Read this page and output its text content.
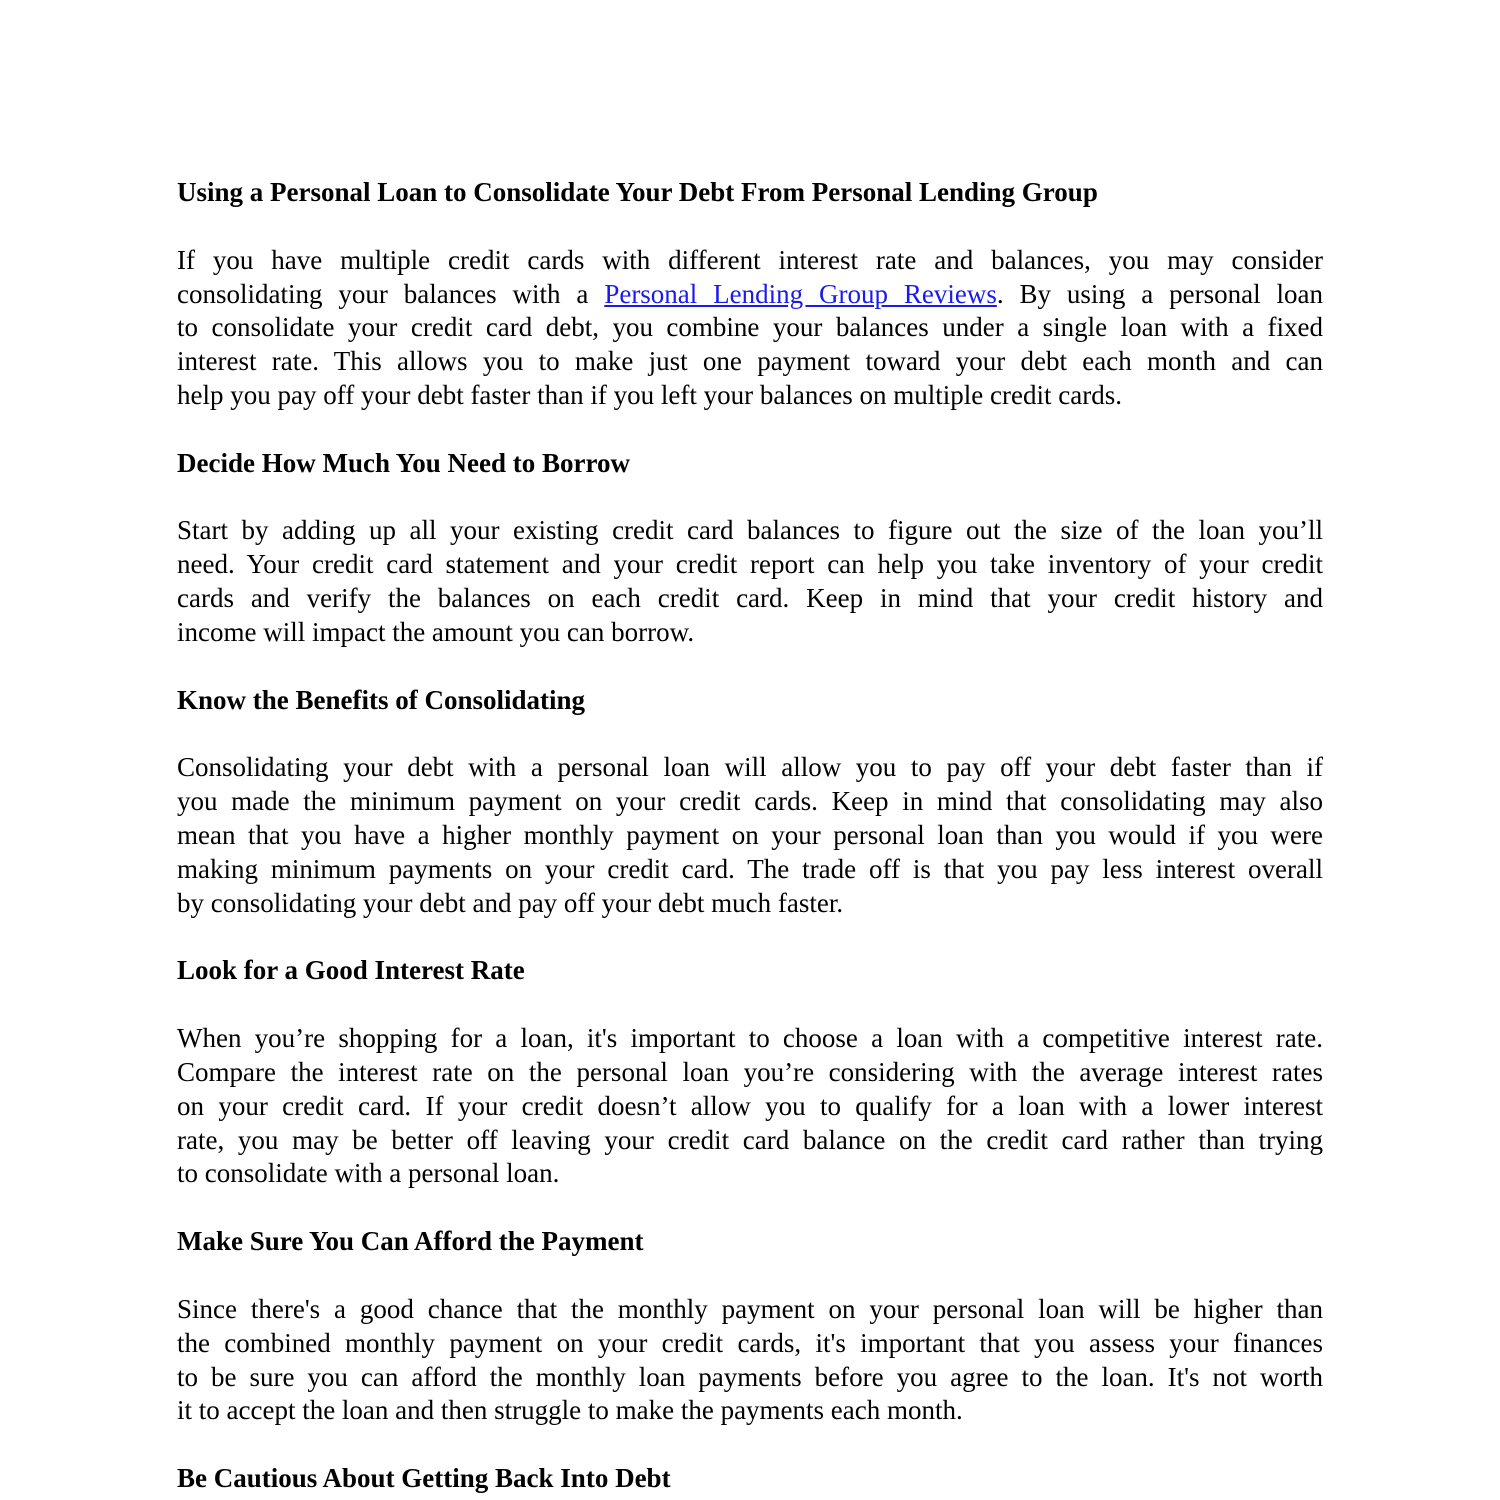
Using a Personal Loan to Consolidate Your Debt From Personal Lending Group
If you have multiple credit cards with different interest rate and balances, you may consider
consolidating your balances with a Personal Lending Group Reviews. By using a personal loan
to consolidate your credit card debt, you combine your balances under a single loan with a fixed
interest rate. This allows you to make just one payment toward your debt each month and can
help you pay off your debt faster than if you left your balances on multiple credit cards.
Decide How Much You Need to Borrow
Start by adding up all your existing credit card balances to figure out the size of the loan you’ll
need. Your credit card statement and your credit report can help you take inventory of your credit
cards and verify the balances on each credit card. Keep in mind that your credit history and
income will impact the amount you can borrow.
Know the Benefits of Consolidating
Consolidating your debt with a personal loan will allow you to pay off your debt faster than if
you made the minimum payment on your credit cards. Keep in mind that consolidating may also
mean that you have a higher monthly payment on your personal loan than you would if you were
making minimum payments on your credit card. The trade off is that you pay less interest overall
by consolidating your debt and pay off your debt much faster.
Look for a Good Interest Rate
When you’re shopping for a loan, it's important to choose a loan with a competitive interest rate.
Compare the interest rate on the personal loan you’re considering with the average interest rates
on your credit card. If your credit doesn’t allow you to qualify for a loan with a lower interest
rate, you may be better off leaving your credit card balance on the credit card rather than trying
to consolidate with a personal loan.
Make Sure You Can Afford the Payment
Since there's a good chance that the monthly payment on your personal loan will be higher than
the combined monthly payment on your credit cards, it's important that you assess your finances
to be sure you can afford the monthly loan payments before you agree to the loan. It's not worth
it to accept the loan and then struggle to make the payments each month.
Be Cautious About Getting Back Into Debt
